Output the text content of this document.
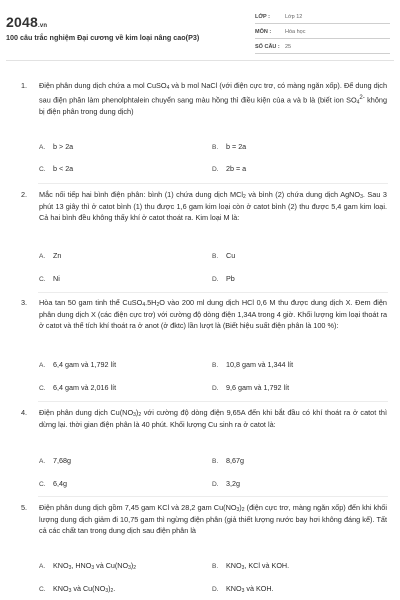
2048.vn
100 câu trắc nghiệm Đại cương về kim loại nâng cao(P3)
LỚP :	Lớp 12
MÔN :	Hóa học
SỐ CÂU : 25
1. Điện phân dung dịch chứa a mol CuSO$_4$ và b mol NaCl (với điện cực trơ, có màng ngăn xốp). Để dung dịch sau điện phân làm phenolphtalein chuyển sang màu hồng thì điều kiện của a và b là (biết ion $SO_4^{2-}$ không bị điện phân trong dung dịch)
A. b > 2a	B. b = 2a
C. b < 2a	D. 2b = a
2. Mắc nối tiếp hai bình điện phân: bình (1) chứa dung dịch MCl$_2$ và bình (2) chứa dung dịch AgNO$_3$. Sau 3 phút 13 giây thì ở catot bình (1) thu được 1,6 gam kim loại còn ở catot bình (2) thu được 5,4 gam kim loại. Cả hai bình đều không thấy khí ở catot thoát ra. Kim loại M là:
A. Zn	B. Cu
C. Ni	D. Pb
3. Hòa tan 50 gam tinh thể $CuSO_4.5H_2O$ vào 200 ml dung dịch HCl 0,6 M thu được dung dịch X. Đem điện phân dung dịch X (các điện cực trơ) với cường độ dòng điện 1,34A trong 4 giờ. Khối lượng kim loại thoát ra ở catot và thể tích khí thoát ra ở anot (ở đktc) lần lượt là (Biết hiệu suất điện phân là 100 %):
A. 6,4 gam và 1,792 lít	B. 10,8 gam và 1,344 lít
C. 6,4 gam và 2,016 lít	D. 9,6 gam và 1,792 lít
4. Điện phân dung dịch $Cu(NO_3)_2$ với cường độ dòng điện 9,65A đến khi bắt đầu có khí thoát ra ở catot thì dừng lại. thời gian điện phân là 40 phút. Khối lượng Cu sinh ra ở catot là:
A. 7,68g	B. 8,67g
C. 6,4g	D. 3,2g
5. Điện phân dung dịch gồm 7,45 gam KCl và 28,2 gam $Cu(NO_3)_2$ (điện cực trơ, màng ngăn xốp) đến khi khối lượng dung dịch giảm đi 10,75 gam thì ngừng điện phân (giả thiết lượng nước bay hơi không đáng kể). Tất cả các chất tan trong dung dịch sau điện phân là
A. $KNO_3$, $HNO_3$ và $Cu(NO_3)_2$	B. $KNO_3$, KCl và KOH.
C. $KNO_3$ và $Cu(NO_3)_2$.	D. $KNO_3$ và KOH.
